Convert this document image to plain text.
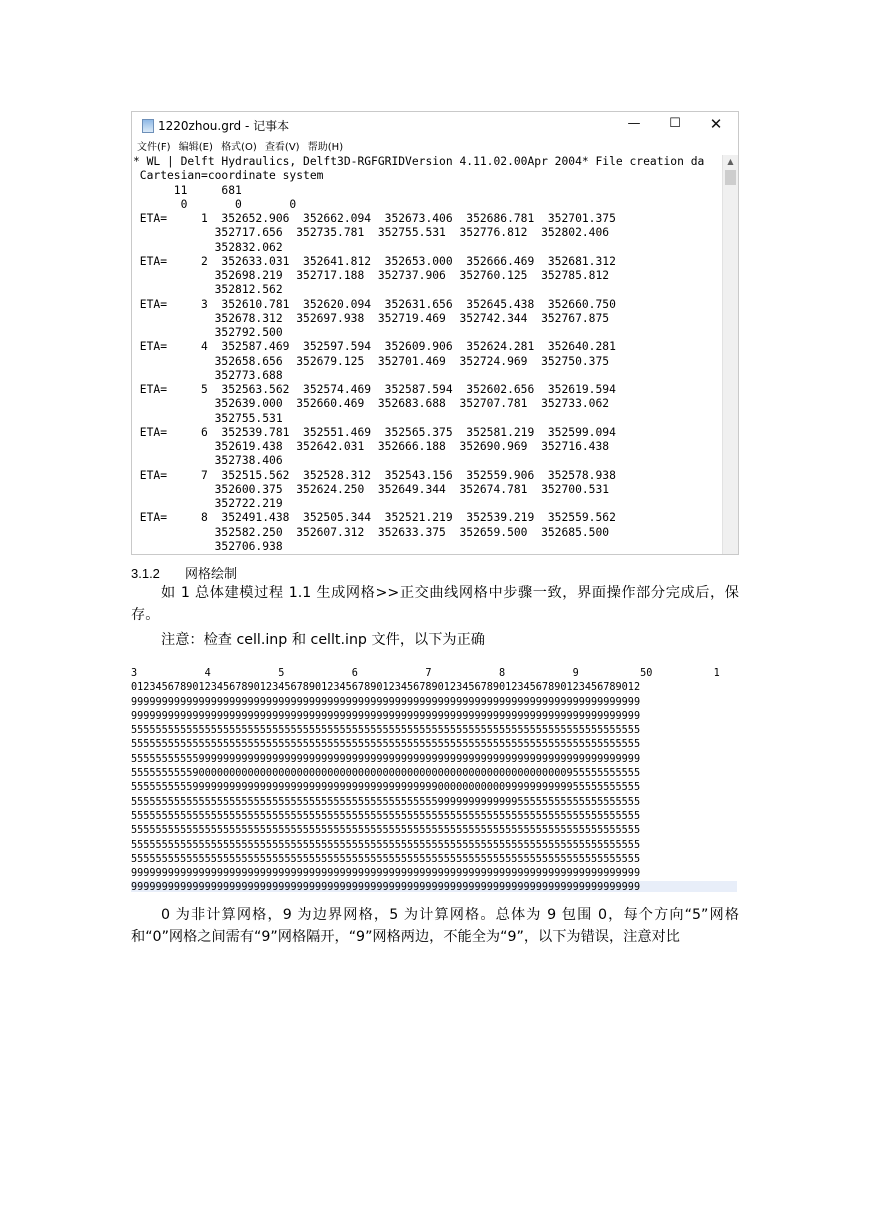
1220zhou.grd - 记事本	—	☐	✕
文件(F) 编辑(E) 格式(O) 查看(V) 帮助(H)
* WL | Delft Hydraulics, Delft3D-RGFGRIDVersion 4.11.02.00Apr 2004* File creation da
Cartesian=coordinate system
11     681
0       0       0
ETA=     1  352652.906  352662.094  352673.406  352686.781  352701.375
352717.656  352735.781  352755.531  352776.812  352802.406
352832.062
ETA=     2  352633.031  352641.812  352653.000  352666.469  352681.312
352698.219  352717.188  352737.906  352760.125  352785.812
352812.562
ETA=     3  352610.781  352620.094  352631.656  352645.438  352660.750
352678.312  352697.938  352719.469  352742.344  352767.875
352792.500
ETA=     4  352587.469  352597.594  352609.906  352624.281  352640.281
352658.656  352679.125  352701.469  352724.969  352750.375
352773.688
ETA=     5  352563.562  352574.469  352587.594  352602.656  352619.594
352639.000  352660.469  352683.688  352707.781  352733.062
352755.531
ETA=     6  352539.781  352551.469  352565.375  352581.219  352599.094
352619.438  352642.031  352666.188  352690.969  352716.438
352738.406
ETA=     7  352515.562  352528.312  352543.156  352559.906  352578.938
352600.375  352624.250  352649.344  352674.781  352700.531
352722.219
ETA=     8  352491.438  352505.344  352521.219  352539.219  352559.562
352582.250  352607.312  352633.375  352659.500  352685.500
352706.938
▲
3.1.2 网格绘制
如 1 总体建模过程 1.1 生成网格>>正交曲线网格中步骤一致，界面操作部分完成后，保存。
注意：检查 cell.inp 和 cellt.inp 文件，以下为正确
3           4           5           6           7           8           9          50          1
01234567890123456789012345678901234567890123456789012345678901234567890123456789012
99999999999999999999999999999999999999999999999999999999999999999999999999999999999
99999999999999999999999999999999999999999999999999999999999999999999999999999999999
55555555555555555555555555555555555555555555555555555555555555555555555555555555555
55555555555555555555555555555555555555555555555555555555555555555555555555555555555
55555555555999999999999999999999999999999999999999999999999999999999999999999999999
55555555559000000000000000000000000000000000000000000000000000000000000955555555555
55555555559999999999999999999999999999999999999999000000000009999999999955555555555
55555555555555555555555555555555555555555555555555999999999999955555555555555555555
55555555555555555555555555555555555555555555555555555555555555555555555555555555555
55555555555555555555555555555555555555555555555555555555555555555555555555555555555
55555555555555555555555555555555555555555555555555555555555555555555555555555555555
55555555555555555555555555555555555555555555555555555555555555555555555555555555555
99999999999999999999999999999999999999999999999999999999999999999999999999999999999
99999999999999999999999999999999999999999999999999999999999999999999999999999999999
0 为非计算网格，9 为边界网格，5 为计算网格。总体为 9 包围 0，每个方向“5”网格和“0”网格之间需有“9”网格隔开，“9”网格两边，不能全为“9”，以下为错误，注意对比
